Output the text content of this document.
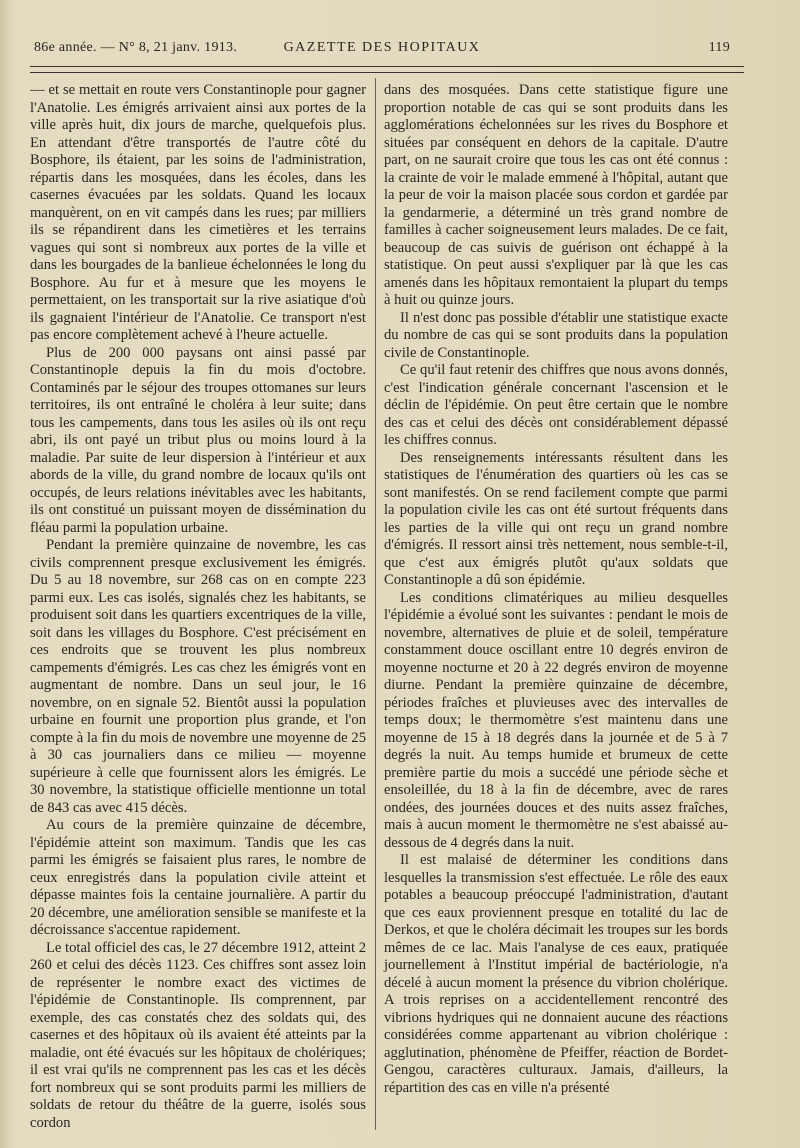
86e année. — N° 8, 21 janv. 1913.	GAZETTE DES HOPITAUX	119

— et se mettait en route vers Constantinople pour gagner l'Anatolie. Les émigrés arrivaient ainsi aux portes de la ville après huit, dix jours de marche, quelquefois plus. En attendant d'être transportés de l'autre côté du Bosphore, ils étaient, par les soins de l'administration, répartis dans les mosquées, dans les écoles, dans les casernes évacuées par les soldats. Quand les locaux manquèrent, on en vit campés dans les rues; par milliers ils se répandirent dans les cimetières et les terrains vagues qui sont si nombreux aux portes de la ville et dans les bourgades de la banlieue échelonnées le long du Bosphore. Au fur et à mesure que les moyens le permettaient, on les transportait sur la rive asiatique d'où ils gagnaient l'intérieur de l'Anatolie. Ce transport n'est pas encore complètement achevé à l'heure actuelle.

Plus de 200 000 paysans ont ainsi passé par Constantinople depuis la fin du mois d'octobre. Contaminés par le séjour des troupes ottomanes sur leurs territoires, ils ont entraîné le choléra à leur suite; dans tous les campements, dans tous les asiles où ils ont reçu abri, ils ont payé un tribut plus ou moins lourd à la maladie. Par suite de leur dispersion à l'intérieur et aux abords de la ville, du grand nombre de locaux qu'ils ont occupés, de leurs relations inévitables avec les habitants, ils ont constitué un puissant moyen de dissémination du fléau parmi la population urbaine.

Pendant la première quinzaine de novembre, les cas civils comprennent presque exclusivement les émigrés. Du 5 au 18 novembre, sur 268 cas on en compte 223 parmi eux. Les cas isolés, signalés chez les habitants, se produisent soit dans les quartiers excentriques de la ville, soit dans les villages du Bosphore. C'est précisément en ces endroits que se trouvent les plus nombreux campements d'émigrés. Les cas chez les émigrés vont en augmentant de nombre. Dans un seul jour, le 16 novembre, on en signale 52. Bientôt aussi la population urbaine en fournit une proportion plus grande, et l'on compte à la fin du mois de novembre une moyenne de 25 à 30 cas journaliers dans ce milieu — moyenne supérieure à celle que fournissent alors les émigrés. Le 30 novembre, la statistique officielle mentionne un total de 843 cas avec 415 décès.

Au cours de la première quinzaine de décembre, l'épidémie atteint son maximum. Tandis que les cas parmi les émigrés se faisaient plus rares, le nombre de ceux enregistrés dans la population civile atteint et dépasse maintes fois la centaine journalière. A partir du 20 décembre, une amélioration sensible se manifeste et la décroissance s'accentue rapidement.

Le total officiel des cas, le 27 décembre 1912, atteint 2 260 et celui des décès 1123. Ces chiffres sont assez loin de représenter le nombre exact des victimes de l'épidémie de Constantinople. Ils comprennent, par exemple, des cas constatés chez des soldats qui, des casernes et des hôpitaux où ils avaient été atteints par la maladie, ont été évacués sur les hôpitaux de cholériques; il est vrai qu'ils ne comprennent pas les cas et les décès fort nombreux qui se sont produits parmi les milliers de soldats de retour du théâtre de la guerre, isolés sous cordon

dans des mosquées. Dans cette statistique figure une proportion notable de cas qui se sont produits dans les agglomérations échelonnées sur les rives du Bosphore et situées par conséquent en dehors de la capitale. D'autre part, on ne saurait croire que tous les cas ont été connus : la crainte de voir le malade emmené à l'hôpital, autant que la peur de voir la maison placée sous cordon et gardée par la gendarmerie, a déterminé un très grand nombre de familles à cacher soigneusement leurs malades. De ce fait, beaucoup de cas suivis de guérison ont échappé à la statistique. On peut aussi s'expliquer par là que les cas amenés dans les hôpitaux remontaient la plupart du temps à huit ou quinze jours.

Il n'est donc pas possible d'établir une statistique exacte du nombre de cas qui se sont produits dans la population civile de Constantinople.

Ce qu'il faut retenir des chiffres que nous avons donnés, c'est l'indication générale concernant l'ascension et le déclin de l'épidémie. On peut être certain que le nombre des cas et celui des décès ont considérablement dépassé les chiffres connus.

Des renseignements intéressants résultent dans les statistiques de l'énumération des quartiers où les cas se sont manifestés. On se rend facilement compte que parmi la population civile les cas ont été surtout fréquents dans les parties de la ville qui ont reçu un grand nombre d'émigrés. Il ressort ainsi très nettement, nous semble-t-il, que c'est aux émigrés plutôt qu'aux soldats que Constantinople a dû son épidémie.

Les conditions climatériques au milieu desquelles l'épidémie a évolué sont les suivantes : pendant le mois de novembre, alternatives de pluie et de soleil, température constamment douce oscillant entre 10 degrés environ de moyenne nocturne et 20 à 22 degrés environ de moyenne diurne. Pendant la première quinzaine de décembre, périodes fraîches et pluvieuses avec des intervalles de temps doux; le thermomètre s'est maintenu dans une moyenne de 15 à 18 degrés dans la journée et de 5 à 7 degrés la nuit. Au temps humide et brumeux de cette première partie du mois a succédé une période sèche et ensoleillée, du 18 à la fin de décembre, avec de rares ondées, des journées douces et des nuits assez fraîches, mais à aucun moment le thermomètre ne s'est abaissé au-dessous de 4 degrés dans la nuit.

Il est malaisé de déterminer les conditions dans lesquelles la transmission s'est effectuée. Le rôle des eaux potables a beaucoup préoccupé l'administration, d'autant que ces eaux proviennent presque en totalité du lac de Derkos, et que le choléra décimait les troupes sur les bords mêmes de ce lac. Mais l'analyse de ces eaux, pratiquée journellement à l'Institut impérial de bactériologie, n'a décelé à aucun moment la présence du vibrion cholérique. A trois reprises on a accidentellement rencontré des vibrions hydriques qui ne donnaient aucune des réactions considérées comme appartenant au vibrion cholérique : agglutination, phénomène de Pfeiffer, réaction de Bordet-Gengou, caractères culturaux. Jamais, d'ailleurs, la répartition des cas en ville n'a présenté
